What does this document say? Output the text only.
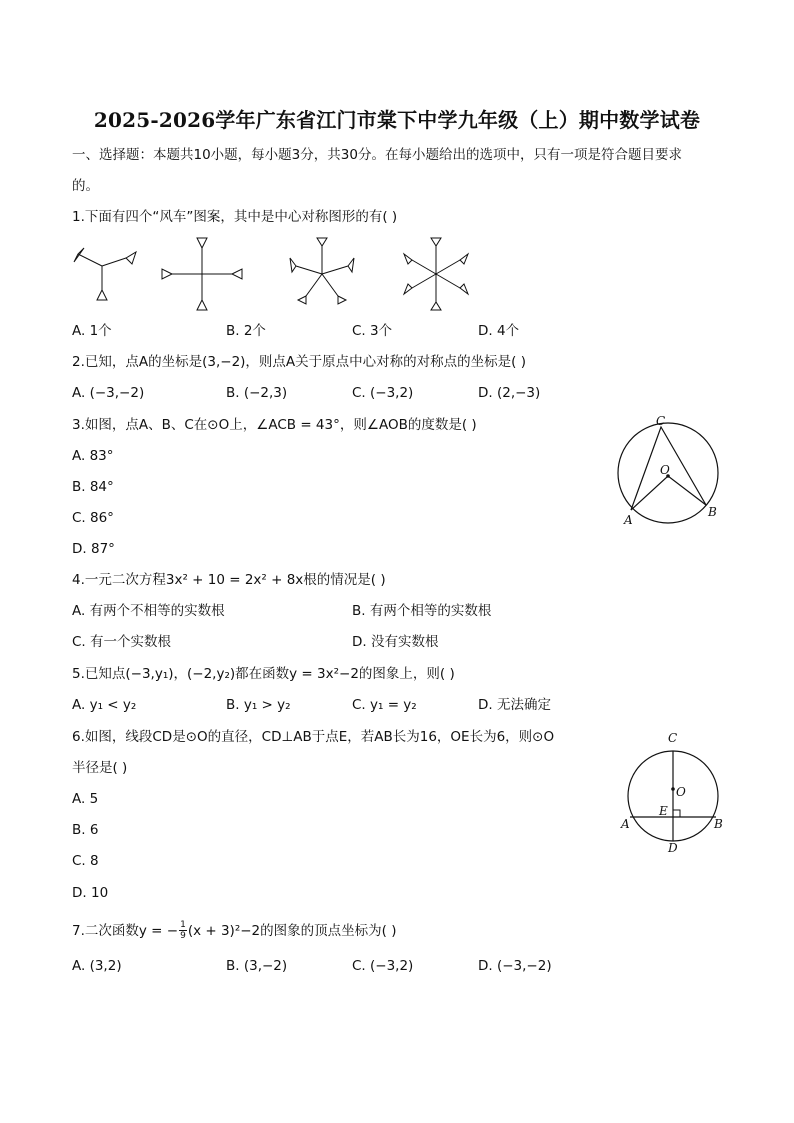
2025-2026学年广东省江门市棠下中学九年级（上）期中数学试卷
一、选择题：本题共10小题，每小题3分，共30分。在每小题给出的选项中，只有一项是符合题目要求
的。
1.下面有四个“风车”图案，其中是中心对称图形的有( )
A. 1个	B. 2个	C. 3个	D. 4个
2.已知，点A的坐标是(3,−2)，则点A关于原点中心对称的对称点的坐标是( )
A. (−3,−2)	B. (−2,3)	C. (−3,2)	D. (2,−3)
3.如图，点A、B、C在⊙O上，∠ACB = 43°，则∠AOB的度数是( )
A. 83°
B. 84°
C. 86°
D. 87°
C
O
A
B
4.一元二次方程3x² + 10 = 2x² + 8x根的情况是( )
A. 有两个不相等的实数根	B. 有两个相等的实数根
C. 有一个实数根	D. 没有实数根
5.已知点(−3,y₁)，(−2,y₂)都在函数y = 3x²−2的图象上，则( )
A. y₁ < y₂	B. y₁ > y₂	C. y₁ = y₂	D. 无法确定
6.如图，线段CD是⊙O的直径，CD⊥AB于点E，若AB长为16，OE长为6，则⊙O
半径是( )
A. 5
B. 6
C. 8
D. 10
C
O
E
A	B
D
7.二次函数y = − $\frac{1}{9} (x + 3)^2-2$的图象的顶点坐标为( )
A. (3,2)	B. (3,−2)	C. (−3,2)	D. (−3,−2)
